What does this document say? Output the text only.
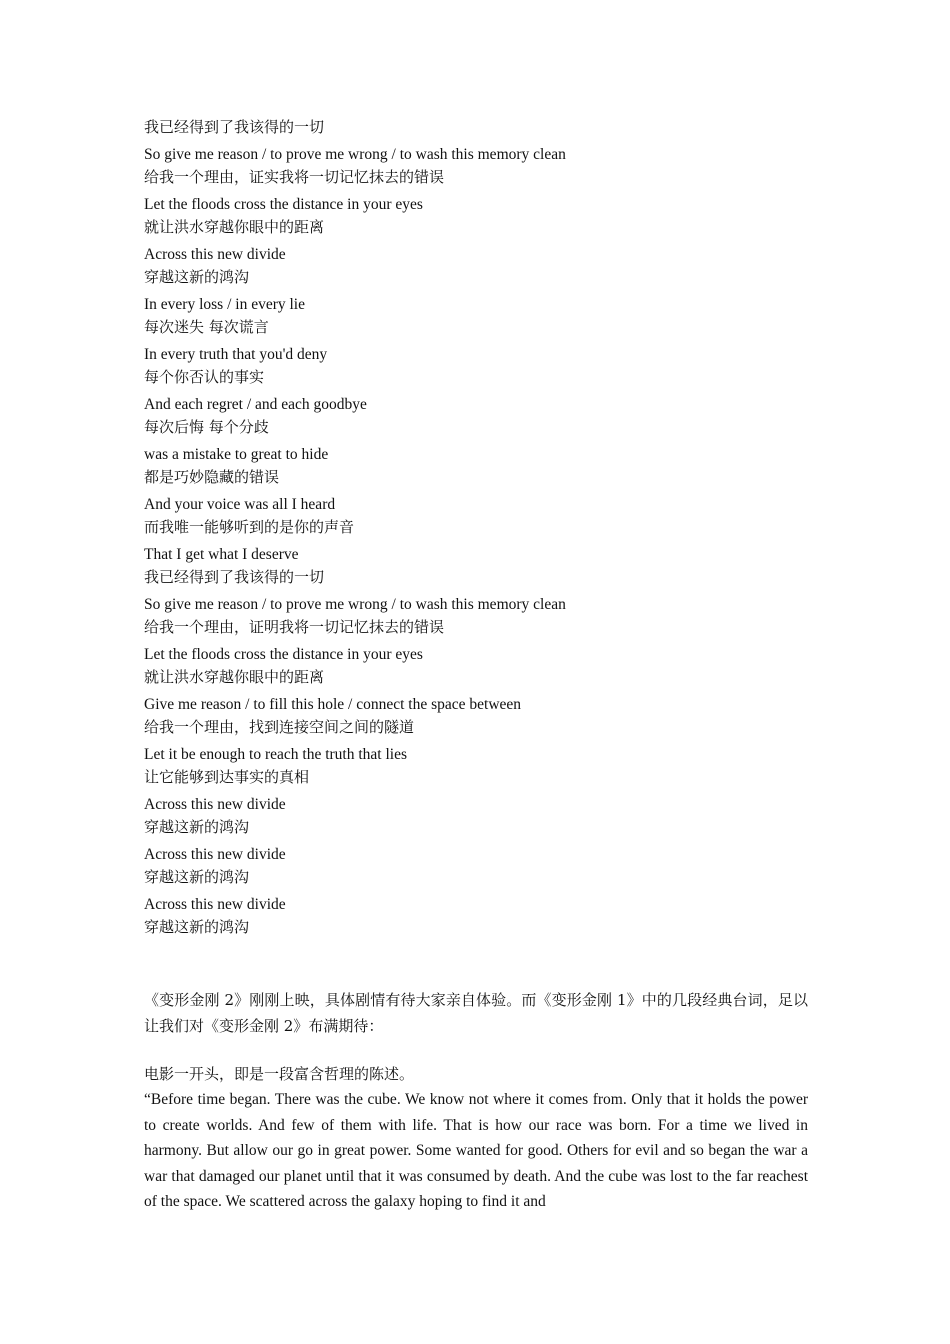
我已经得到了我该得的一切
So give me reason / to prove me wrong / to wash this memory clean
给我一个理由，证实我将一切记忆抹去的错误
Let the floods cross the distance in your eyes
就让洪水穿越你眼中的距离
Across this new divide
穿越这新的鸿沟
In every loss / in every lie
每次迷失 每次谎言
In every truth that you'd deny
每个你否认的事实
And each regret / and each goodbye
每次后悔 每个分歧
was a mistake to great to hide
都是巧妙隐藏的错误
And your voice was all I heard
而我唯一能够听到的是你的声音
That I get what I deserve
我已经得到了我该得的一切
So give me reason / to prove me wrong / to wash this memory clean
给我一个理由，证明我将一切记忆抹去的错误
Let the floods cross the distance in your eyes
就让洪水穿越你眼中的距离
Give me reason / to fill this hole / connect the space between
给我一个理由，找到连接空间之间的隧道
Let it be enough to reach the truth that lies
让它能够到达事实的真相
Across this new divide
穿越这新的鸿沟
Across this new divide
穿越这新的鸿沟
Across this new divide
穿越这新的鸿沟

《变形金刚 2》刚刚上映，具体剧情有待大家亲自体验。而《变形金刚 1》中的几段经典台词，足以让我们对《变形金刚 2》布满期待：

电影一开头，即是一段富含哲理的陈述。

“Before time began. There was the cube. We know not where it comes from. Only that it holds the power to create worlds. And few of them with life. That is how our race was born. For a time we lived in harmony. But allow our go in great power. Some wanted for good. Others for evil and so began the war a war that damaged our planet until that it was consumed by death. And the cube was lost to the far reachest of the space. We scattered across the galaxy hoping to find it and
